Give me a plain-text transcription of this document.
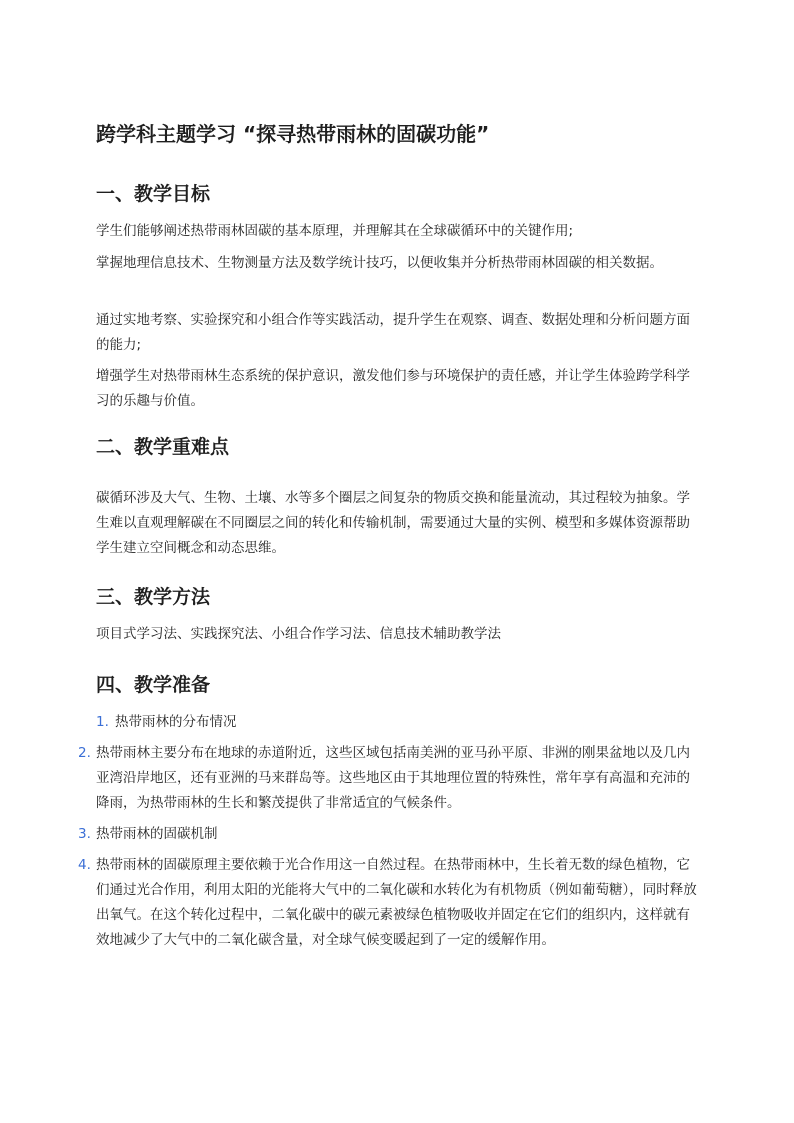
跨学科主题学习 “探寻热带雨林的固碳功能”
一、教学目标

学生们能够阐述热带雨林固碳的基本原理，并理解其在全球碳循环中的关键作用;

掌握地理信息技术、生物测量方法及数学统计技巧，以便收集并分析热带雨林固碳的相关数据。

通过实地考察、实验探究和小组合作等实践活动，提升学生在观察、调查、数据处理和分析问题方面的能力;

增强学生对热带雨林生态系统的保护意识，激发他们参与环境保护的责任感，并让学生体验跨学科学习的乐趣与价值。

二、教学重难点

碳循环涉及大气、生物、土壤、水等多个圈层之间复杂的物质交换和能量流动，其过程较为抽象。学生难以直观理解碳在不同圈层之间的转化和传输机制，需要通过大量的实例、模型和多媒体资源帮助学生建立空间概念和动态思维。

三、教学方法

项目式学习法、实践探究法、小组合作学习法、信息技术辅助教学法

四、教学准备
1. 热带雨林的分布情况
2. 热带雨林主要分布在地球的赤道附近，这些区域包括南美洲的亚马孙平原、非洲的刚果盆地以及几内亚湾沿岸地区，还有亚洲的马来群岛等。这些地区由于其地理位置的特殊性，常年享有高温和充沛的降雨，为热带雨林的生长和繁茂提供了非常适宜的气候条件。
3. 热带雨林的固碳机制
4. 热带雨林的固碳原理主要依赖于光合作用这一自然过程。在热带雨林中，生长着无数的绿色植物，它们通过光合作用，利用太阳的光能将大气中的二氧化碳和水转化为有机物质（例如葡萄糖），同时释放出氧气。在这个转化过程中，二氧化碳中的碳元素被绿色植物吸收并固定在它们的组织内，这样就有效地减少了大气中的二氧化碳含量，对全球气候变暖起到了一定的缓解作用。
